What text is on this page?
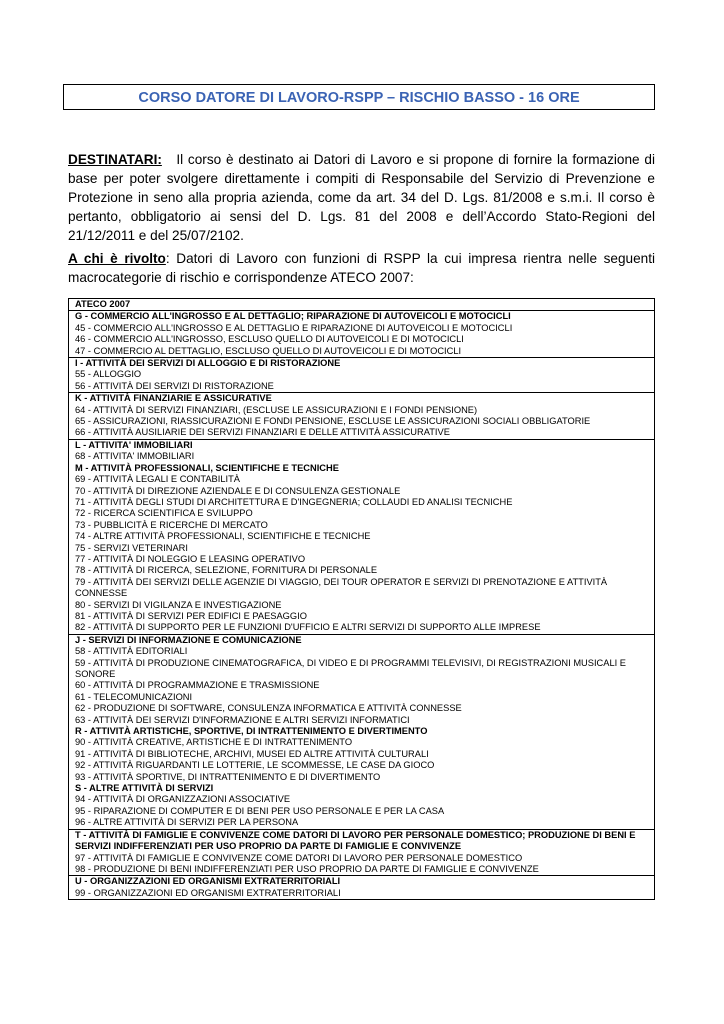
CORSO DATORE DI LAVORO-RSPP – RISCHIO BASSO - 16 ORE
DESTINATARI: Il corso è destinato ai Datori di Lavoro e si propone di fornire la formazione di base per poter svolgere direttamente i compiti di Responsabile del Servizio di Prevenzione e Protezione in seno alla propria azienda, come da art. 34 del D. Lgs. 81/2008 e s.m.i. Il corso è pertanto, obbligatorio ai sensi del D. Lgs. 81 del 2008 e dell’Accordo Stato-Regioni del 21/12/2011 e del 25/07/2102.
A chi è rivolto: Datori di Lavoro con funzioni di RSPP la cui impresa rientra nelle seguenti macrocategorie di rischio e corrispondenze ATECO 2007:
ATECO 2007

G - COMMERCIO ALL'INGROSSO E AL DETTAGLIO; RIPARAZIONE DI AUTOVEICOLI E MOTOCICLI
45 - COMMERCIO ALL'INGROSSO E AL DETTAGLIO E RIPARAZIONE DI AUTOVEICOLI E MOTOCICLI
46 - COMMERCIO ALL'INGROSSO, ESCLUSO QUELLO DI AUTOVEICOLI E DI MOTOCICLI
47 - COMMERCIO AL DETTAGLIO, ESCLUSO QUELLO DI AUTOVEICOLI E DI MOTOCICLI

I - ATTIVITÀ DEI SERVIZI DI ALLOGGIO E DI RISTORAZIONE
55 - ALLOGGIO
56 - ATTIVITÀ DEI SERVIZI DI RISTORAZIONE

K - ATTIVITÀ FINANZIARIE E ASSICURATIVE
64 - ATTIVITÀ DI SERVIZI FINANZIARI, (ESCLUSE LE ASSICURAZIONI E I FONDI PENSIONE)
65 - ASSICURAZIONI, RIASSICURAZIONI E FONDI PENSIONE, ESCLUSE LE ASSICURAZIONI SOCIALI OBBLIGATORIE
66 - ATTIVITÀ AUSILIARIE DEI SERVIZI FINANZIARI E DELLE ATTIVITÀ ASSICURATIVE

L - ATTIVITA' IMMOBILIARI
68 - ATTIVITA' IMMOBILIARI
M - ATTIVITÀ PROFESSIONALI, SCIENTIFICHE E TECNICHE
69 - ATTIVITÀ LEGALI E CONTABILITÀ
70 - ATTIVITÀ DI DIREZIONE AZIENDALE E DI CONSULENZA GESTIONALE
71 - ATTIVITÀ DEGLI STUDI DI ARCHITETTURA E D'INGEGNERIA; COLLAUDI ED ANALISI TECNICHE
72 - RICERCA SCIENTIFICA E SVILUPPO
73 - PUBBLICITÀ E RICERCHE DI MERCATO
74 - ALTRE ATTIVITÀ PROFESSIONALI, SCIENTIFICHE E TECNICHE
75 - SERVIZI VETERINARI
77 - ATTIVITÀ DI NOLEGGIO E LEASING OPERATIVO
78 - ATTIVITÀ DI RICERCA, SELEZIONE, FORNITURA DI PERSONALE
79 - ATTIVITÀ DEI SERVIZI DELLE AGENZIE DI VIAGGIO, DEI TOUR OPERATOR E SERVIZI DI PRENOTAZIONE E ATTIVITÀ CONNESSE
80 - SERVIZI DI VIGILANZA E INVESTIGAZIONE
81 - ATTIVITÀ DI SERVIZI PER EDIFICI E PAESAGGIO
82 - ATTIVITÀ DI SUPPORTO PER LE FUNZIONI D'UFFICIO E ALTRI SERVIZI DI SUPPORTO ALLE IMPRESE

J - SERVIZI DI INFORMAZIONE E COMUNICAZIONE
58 - ATTIVITÀ EDITORIALI
59 - ATTIVITÀ DI PRODUZIONE CINEMATOGRAFICA, DI VIDEO E DI PROGRAMMI TELEVISIVI, DI REGISTRAZIONI MUSICALI E SONORE
60 - ATTIVITÀ DI PROGRAMMAZIONE E TRASMISSIONE
61 - TELECOMUNICAZIONI
62 - PRODUZIONE DI SOFTWARE, CONSULENZA INFORMATICA E ATTIVITÀ CONNESSE
63 - ATTIVITÀ DEI SERVIZI D'INFORMAZIONE E ALTRI SERVIZI INFORMATICI
R - ATTIVITÀ ARTISTICHE, SPORTIVE, DI INTRATTENIMENTO E DIVERTIMENTO
90 - ATTIVITÀ CREATIVE, ARTISTICHE E DI INTRATTENIMENTO
91 - ATTIVITÀ DI BIBLIOTECHE, ARCHIVI, MUSEI ED ALTRE ATTIVITÀ CULTURALI
92 - ATTIVITÀ RIGUARDANTI LE LOTTERIE, LE SCOMMESSE, LE CASE DA GIOCO
93 - ATTIVITÀ SPORTIVE, DI INTRATTENIMENTO E DI DIVERTIMENTO
S - ALTRE ATTIVITÀ DI SERVIZI
94 - ATTIVITÀ DI ORGANIZZAZIONI ASSOCIATIVE
95 - RIPARAZIONE DI COMPUTER E DI BENI PER USO PERSONALE E PER LA CASA
96 - ALTRE ATTIVITÀ DI SERVIZI PER LA PERSONA

T - ATTIVITÀ DI FAMIGLIE E CONVIVENZE COME DATORI DI LAVORO PER PERSONALE DOMESTICO; PRODUZIONE DI BENI E SERVIZI INDIFFERENZIATI PER USO PROPRIO DA PARTE DI FAMIGLIE E CONVIVENZE
97 - ATTIVITÀ DI FAMIGLIE E CONVIVENZE COME DATORI DI LAVORO PER PERSONALE DOMESTICO
98 - PRODUZIONE DI BENI INDIFFERENZIATI PER USO PROPRIO DA PARTE DI FAMIGLIE E CONVIVENZE

U - ORGANIZZAZIONI ED ORGANISMI EXTRATERRITORIALI
99 - ORGANIZZAZIONI ED ORGANISMI EXTRATERRITORIALI
